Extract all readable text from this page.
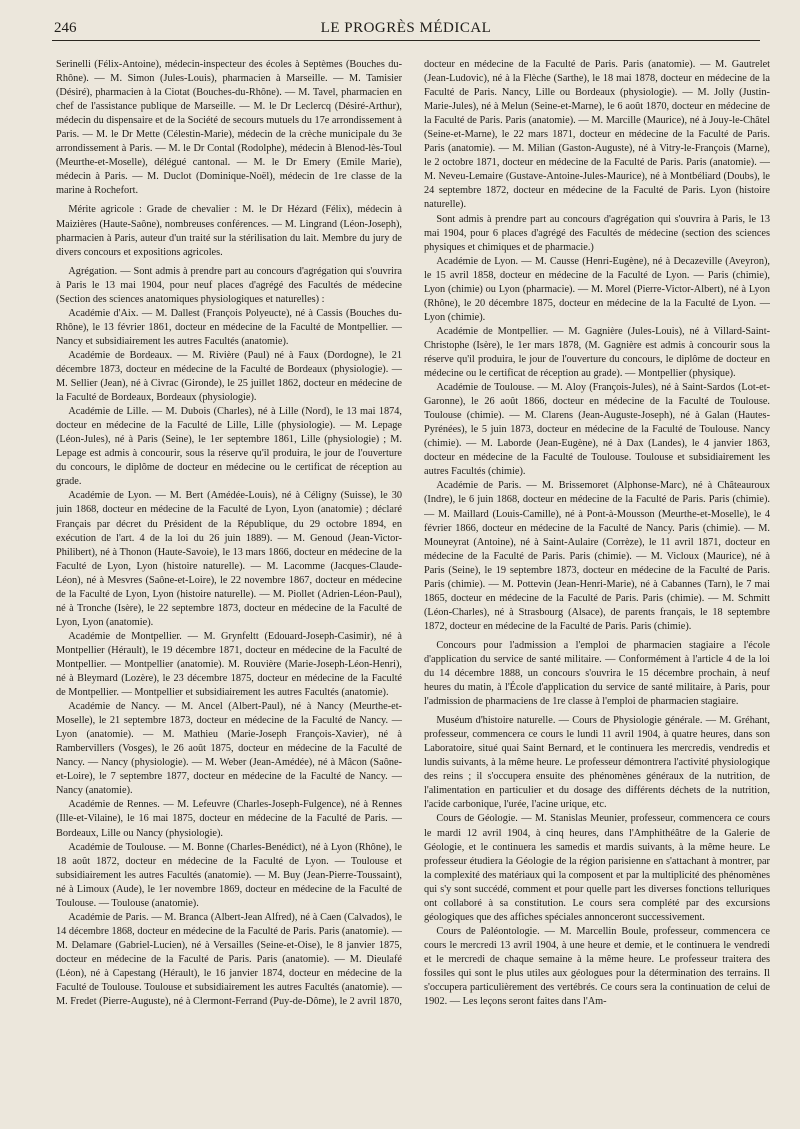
246	LE PROGRÈS MÉDICAL

Serinelli (Félix-Antoine), médecin-inspecteur des écoles à Septèmes (Bouches du-Rhône). — M. Simon (Jules-Louis), pharmacien à Marseille. — M. Tamisier (Désiré), pharmacien à la Ciotat (Bouches-du-Rhône). — M. Tavel, pharmacien en chef de l'assistance publique de Marseille. — M. le Dr Leclercq (Désiré-Arthur), médecin du dispensaire et de la Société de secours mutuels du 17e arrondissement à Paris. — M. le Dr Mette (Célestin-Marie), médecin de la crèche municipale du 3e arrondissement à Paris. — M. le Dr Contal (Rodolphe), médecin à Blenod-lès-Toul (Meurthe-et-Moselle), délégué cantonal. — M. le Dr Emery (Emile Marie), médecin à Paris. — M. Duclot (Dominique-Noël), médecin de 1re classe de la marine à Rochefort.

Mérite agricole : Grade de chevalier : M. le Dr Hézard (Félix), médecin à Maizières (Haute-Saône), nombreuses conférences. — M. Lingrand (Léon-Joseph), pharmacien à Paris, auteur d'un traité sur la stérilisation du lait. Membre du jury de divers concours et expositions agricoles.

Agrégation. — Sont admis à prendre part au concours d'agrégation qui s'ouvrira à Paris le 13 mai 1904, pour neuf places d'agrégé des Facultés de médecine (Section des sciences anatomiques physiologiques et naturelles) :

Académie d'Aix. — M. Dallest (François Polyeucte), né à Cassis (Bouches du-Rhône), le 13 février 1861, docteur en médecine de la Faculté de Montpellier. — Nancy et subsidiairement les autres Facultés (anatomie).

Académie de Bordeaux. — M. Rivière (Paul) né à Faux (Dordogne), le 21 décembre 1873, docteur en médecine de la Faculté de Bordeaux (physiologie). — M. Sellier (Jean), né à Civrac (Gironde), le 25 juillet 1862, docteur en médecine de la Faculté de Bordeaux, Bordeaux (physiologie).

Académie de Lille. — M. Dubois (Charles), né à Lille (Nord), le 13 mai 1874, docteur en médecine de la Faculté de Lille, Lille (physiologie). — M. Lepage (Léon-Jules), né à Paris (Seine), le 1er septembre 1861, Lille (physiologie) ; M. Lepage est admis à concourir, sous la réserve qu'il produira, le jour de l'ouverture du concours, le diplôme de docteur en médecine ou le certificat de réception au grade.

Académie de Lyon. — M. Bert (Amédée-Louis), né à Céligny (Suisse), le 30 juin 1868, docteur en médecine de la Faculté de Lyon, Lyon (anatomie) ; déclaré Français par décret du Président de la République, du 29 octobre 1894, en exécution de l'art. 4 de la loi du 26 juin 1889). — M. Genoud (Jean-Victor-Philibert), né à Thonon (Haute-Savoie), le 13 mars 1866, docteur en médecine de la Faculté de Lyon, Lyon (histoire naturelle). — M. Lacomme (Jacques-Claude-Léon), né à Mesvres (Saône-et-Loire), le 22 novembre 1867, docteur en médecine de la Faculté de Lyon, Lyon (histoire naturelle). — M. Piollet (Adrien-Léon-Paul), né à Tronche (Isère), le 22 septembre 1873, docteur en médecine de la Faculté de Lyon, Lyon (anatomie).

Académie de Montpellier. — M. Grynfeltt (Edouard-Joseph-Casimir), né à Montpellier (Hérault), le 19 décembre 1871, docteur en médecine de la Faculté de Montpellier. — Montpellier (anatomie). M. Rouvière (Marie-Joseph-Léon-Henri), né à Bleymard (Lozère), le 23 décembre 1875, docteur en médecine de la Faculté de Montpellier. — Montpellier et subsidiairement les autres Facultés (anatomie).

Académie de Nancy. — M. Ancel (Albert-Paul), né à Nancy (Meurthe-et-Moselle), le 21 septembre 1873, docteur en médecine de la Faculté de Nancy. — Lyon (anatomie). — M. Mathieu (Marie-Joseph François-Xavier), né à Rambervillers (Vosges), le 26 août 1875, docteur en médecine de la Faculté de Nancy. — Nancy (physiologie). — M. Weber (Jean-Amédée), né à Mâcon (Saône-et-Loire), le 7 septembre 1877, docteur en médecine de la Faculté de Nancy. — Nancy (anatomie).

Académie de Rennes. — M. Lefeuvre (Charles-Joseph-Fulgence), né à Rennes (Ille-et-Vilaine), le 16 mai 1875, docteur en médecine de la Faculté de Paris. — Bordeaux, Lille ou Nancy (physiologie).

Académie de Toulouse. — M. Bonne (Charles-Benédict), né à Lyon (Rhône), le 18 août 1872, docteur en médecine de la Faculté de Lyon. — Toulouse et subsidiairement les autres Facultés (anatomie). — M. Buy (Jean-Pierre-Toussaint), né à Limoux (Aude), le 1er novembre 1869, docteur en médecine de la Faculté de Toulouse. — Toulouse (anatomie).

Académie de Paris. — M. Branca (Albert-Jean Alfred), né à Caen (Calvados), le 14 décembre 1868, docteur en médecine de la Faculté de Paris. Paris (anatomie). — M. Delamare (Gabriel-Lucien), né à Versailles (Seine-et-Oise), le 8 janvier 1875, docteur en médecine de la Faculté de Paris. Paris (anatomie). — M. Dieulafé (Léon), né à Capestang (Hérault), le 16 janvier 1874, docteur en médecine de la Faculté de Toulouse. Toulouse et subsidiairement les autres Facultés (anatomie). — M. Fredet (Pierre-Auguste), né à Clermont-Ferrand (Puy-de-Dôme), le 2 avril 1870,

docteur en médecine de la Faculté de Paris. Paris (anatomie). — M. Gautrelet (Jean-Ludovic), né à la Flèche (Sarthe), le 18 mai 1878, docteur en médecine de la Faculté de Paris. Nancy, Lille ou Bordeaux (physiologie). — M. Jolly (Justin-Marie-Jules), né à Melun (Seine-et-Marne), le 6 août 1870, docteur en médecine de la Faculté de Paris. Paris (anatomie). — M. Marcille (Maurice), né à Jouy-le-Châtel (Seine-et-Marne), le 22 mars 1871, docteur en médecine de la Faculté de Paris. Paris (anatomie). — M. Milian (Gaston-Auguste), né à Vitry-le-François (Marne), le 2 octobre 1871, docteur en médecine de la Faculté de Paris. Paris (anatomie). — M. Neveu-Lemaire (Gustave-Antoine-Jules-Maurice), né à Montbéliard (Doubs), le 24 septembre 1872, docteur en médecine de la Faculté de Paris. Lyon (histoire naturelle).

Sont admis à prendre part au concours d'agrégation qui s'ouvrira à Paris, le 13 mai 1904, pour 6 places d'agrégé des Facultés de médecine (section des sciences physiques et chimiques et de pharmacie.)

Académie de Lyon. — M. Causse (Henri-Eugène), né à Decazeville (Aveyron), le 15 avril 1858, docteur en médecine de la Faculté de Lyon. — Paris (chimie), Lyon (chimie) ou Lyon (pharmacie). — M. Morel (Pierre-Victor-Albert), né à Lyon (Rhône), le 20 décembre 1875, docteur en médecine de la la Faculté de Lyon. — Lyon (chimie).

Académie de Montpellier. — M. Gagnière (Jules-Louis), né à Villard-Saint-Christophe (Isère), le 1er mars 1878, (M. Gagnière est admis à concourir sous la réserve qu'il produira, le jour de l'ouverture du concours, le diplôme de docteur en médecine ou le certificat de réception au grade). — Montpellier (physique).

Académie de Toulouse. — M. Aloy (François-Jules), né à Saint-Sardos (Lot-et-Garonne), le 26 août 1866, docteur en médecine de la Faculté de Toulouse. Toulouse (chimie). — M. Clarens (Jean-Auguste-Joseph), né à Galan (Hautes-Pyrénées), le 5 juin 1873, docteur en médecine de la Faculté de Toulouse. Nancy (chimie). — M. Laborde (Jean-Eugène), né à Dax (Landes), le 4 janvier 1863, docteur en médecine de la Faculté de Toulouse. Toulouse et subsidiairement les autres Facultés (chimie).

Académie de Paris. — M. Brissemoret (Alphonse-Marc), né à Châteauroux (Indre), le 6 juin 1868, docteur en médecine de la Faculté de Paris. Paris (chimie). — M. Maillard (Louis-Camille), né à Pont-à-Mousson (Meurthe-et-Moselle), le 4 février 1866, docteur en médecine de la Faculté de Nancy. Paris (chimie). — M. Mouneyrat (Antoine), né à Saint-Aulaire (Corrèze), le 11 avril 1871, docteur en médecine de la Faculté de Paris. Paris (chimie). — M. Vicloux (Maurice), né à Paris (Seine), le 19 septembre 1873, docteur en médecine de la Faculté de Paris. Paris (chimie). — M. Pottevin (Jean-Henri-Marie), né à Cabannes (Tarn), le 7 mai 1865, docteur en médecine de la Faculté de Paris. Paris (chimie). — M. Schmitt (Léon-Charles), né à Strasbourg (Alsace), de parents français, le 18 septembre 1872, docteur en médecine de la Faculté de Paris. Paris (chimie).

Concours pour l'admission a l'emploi de pharmacien stagiaire a l'école d'application du service de santé militaire. — Conformément à l'article 4 de la loi du 14 décembre 1888, un concours s'ouvrira le 15 décembre prochain, à neuf heures du matin, à l'École d'application du service de santé militaire, à Paris, pour l'admission de pharmaciens de 1re classe à l'emploi de pharmacien stagiaire.

Muséum d'histoire naturelle. — Cours de Physiologie générale. — M. Gréhant, professeur, commencera ce cours le lundi 11 avril 1904, à quatre heures, dans son Laboratoire, situé quai Saint Bernard, et le continuera les mercredis, vendredis et lundis suivants, à la même heure. Le professeur démontrera l'activité physiologique des reins ; il s'occupera ensuite des phénomènes généraux de la nutrition, de l'alimentation en particulier et du dosage des différents déchets de la nutrition, l'acide carbonique, l'urée, l'acine urique, etc.

Cours de Géologie. — M. Stanislas Meunier, professeur, commencera ce cours le mardi 12 avril 1904, à cinq heures, dans l'Amphithéâtre de la Galerie de Géologie, et le continuera les samedis et mardis suivants, à la même heure. Le professeur étudiera la Géologie de la région parisienne en s'attachant à montrer, par la complexité des matériaux qui la composent et par la multiplicité des phénomènes qui s'y sont succédé, comment et pour quelle part les diverses fonctions telluriques ont collaboré à sa constitution. Le cours sera complété par des excursions géologiques que des affiches spéciales annonceront successivement.

Cours de Paléontologie. — M. Marcellin Boule, professeur, commencera ce cours le mercredi 13 avril 1904, à une heure et demie, et le continuera le vendredi et le mercredi de chaque semaine à la même heure. Le professeur traitera des fossiles qui sont le plus utiles aux géologues pour la détermination des terrains. Il s'occupera particulièrement des vertébrés. Ce cours sera la continuation de celui de 1902. — Les leçons seront faites dans l'Am-
